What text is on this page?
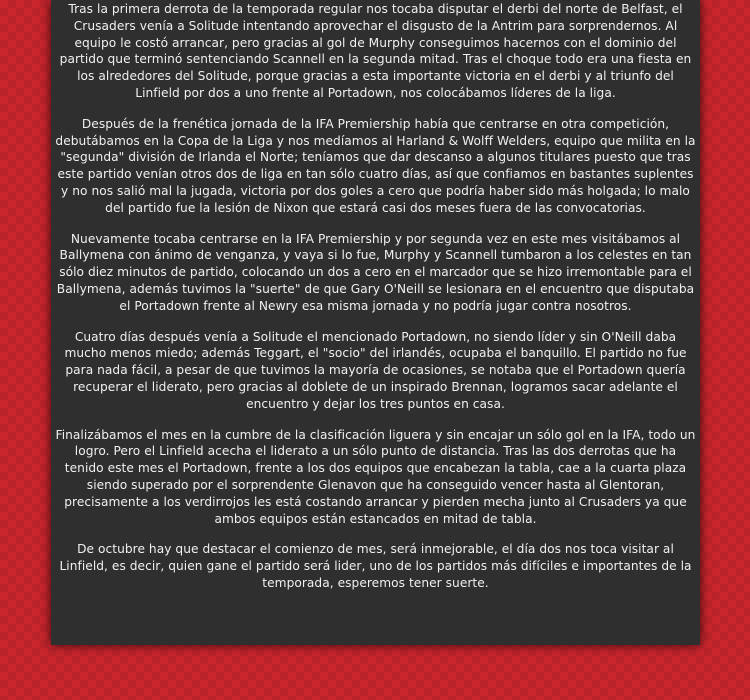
Tras la primera derrota de la temporada regular nos tocaba disputar el derbi del norte de Belfast, el Crusaders venía a Solitude intentando aprovechar el disgusto de la Antrim para sorprendernos. Al equipo le costó arrancar, pero gracias al gol de Murphy conseguimos hacernos con el dominio del partido que terminó sentenciando Scannell en la segunda mitad. Tras el choque todo era una fiesta en los alrededores del Solitude, porque gracias a esta importante victoria en el derbi y al triunfo del Linfield por dos a uno frente al Portadown, nos colocábamos líderes de la liga.

Después de la frenética jornada de la IFA Premiership había que centrarse en otra competición, debutábamos en la Copa de la Liga y nos medíamos al Harland & Wolff Welders, equipo que milita en la "segunda" división de Irlanda el Norte; teníamos que dar descanso a algunos titulares puesto que tras este partido venían otros dos de liga en tan sólo cuatro días, así que confiamos en bastantes suplentes y no nos salió mal la jugada, victoria por dos goles a cero que podría haber sido más holgada; lo malo del partido fue la lesión de Nixon que estará casi dos meses fuera de las convocatorias.

Nuevamente tocaba centrarse en la IFA Premiership y por segunda vez en este mes visitábamos al Ballymena con ánimo de venganza, y vaya si lo fue, Murphy y Scannell tumbaron a los celestes en tan sólo diez minutos de partido, colocando un dos a cero en el marcador que se hizo irremontable para el Ballymena, además tuvimos la "suerte" de que Gary O'Neill se lesionara en el encuentro que disputaba el Portadown frente al Newry esa misma jornada y no podría jugar contra nosotros.

Cuatro días después venía a Solitude el mencionado Portadown, no siendo líder y sin O'Neill daba mucho menos miedo; además Teggart, el "socio" del irlandés, ocupaba el banquillo. El partido no fue para nada fácil, a pesar de que tuvimos la mayoría de ocasiones, se notaba que el Portadown quería recuperar el liderato, pero gracias al doblete de un inspirado Brennan, logramos sacar adelante el encuentro y dejar los tres puntos en casa.

Finalizábamos el mes en la cumbre de la clasificación liguera y sin encajar un sólo gol en la IFA, todo un logro. Pero el Linfield acecha el liderato a un sólo punto de distancia. Tras las dos derrotas que ha tenido este mes el Portadown, frente a los dos equipos que encabezan la tabla, cae a la cuarta plaza siendo superado por el sorprendente Glenavon que ha conseguido vencer hasta al Glentoran, precisamente a los verdirrojos les está costando arrancar y pierden mecha junto al Crusaders ya que ambos equipos están estancados en mitad de tabla.

De octubre hay que destacar el comienzo de mes, será inmejorable, el día dos nos toca visitar al Linfield, es decir, quien gane el partido será lider, uno de los partidos más difíciles e importantes de la temporada, esperemos tener suerte.
